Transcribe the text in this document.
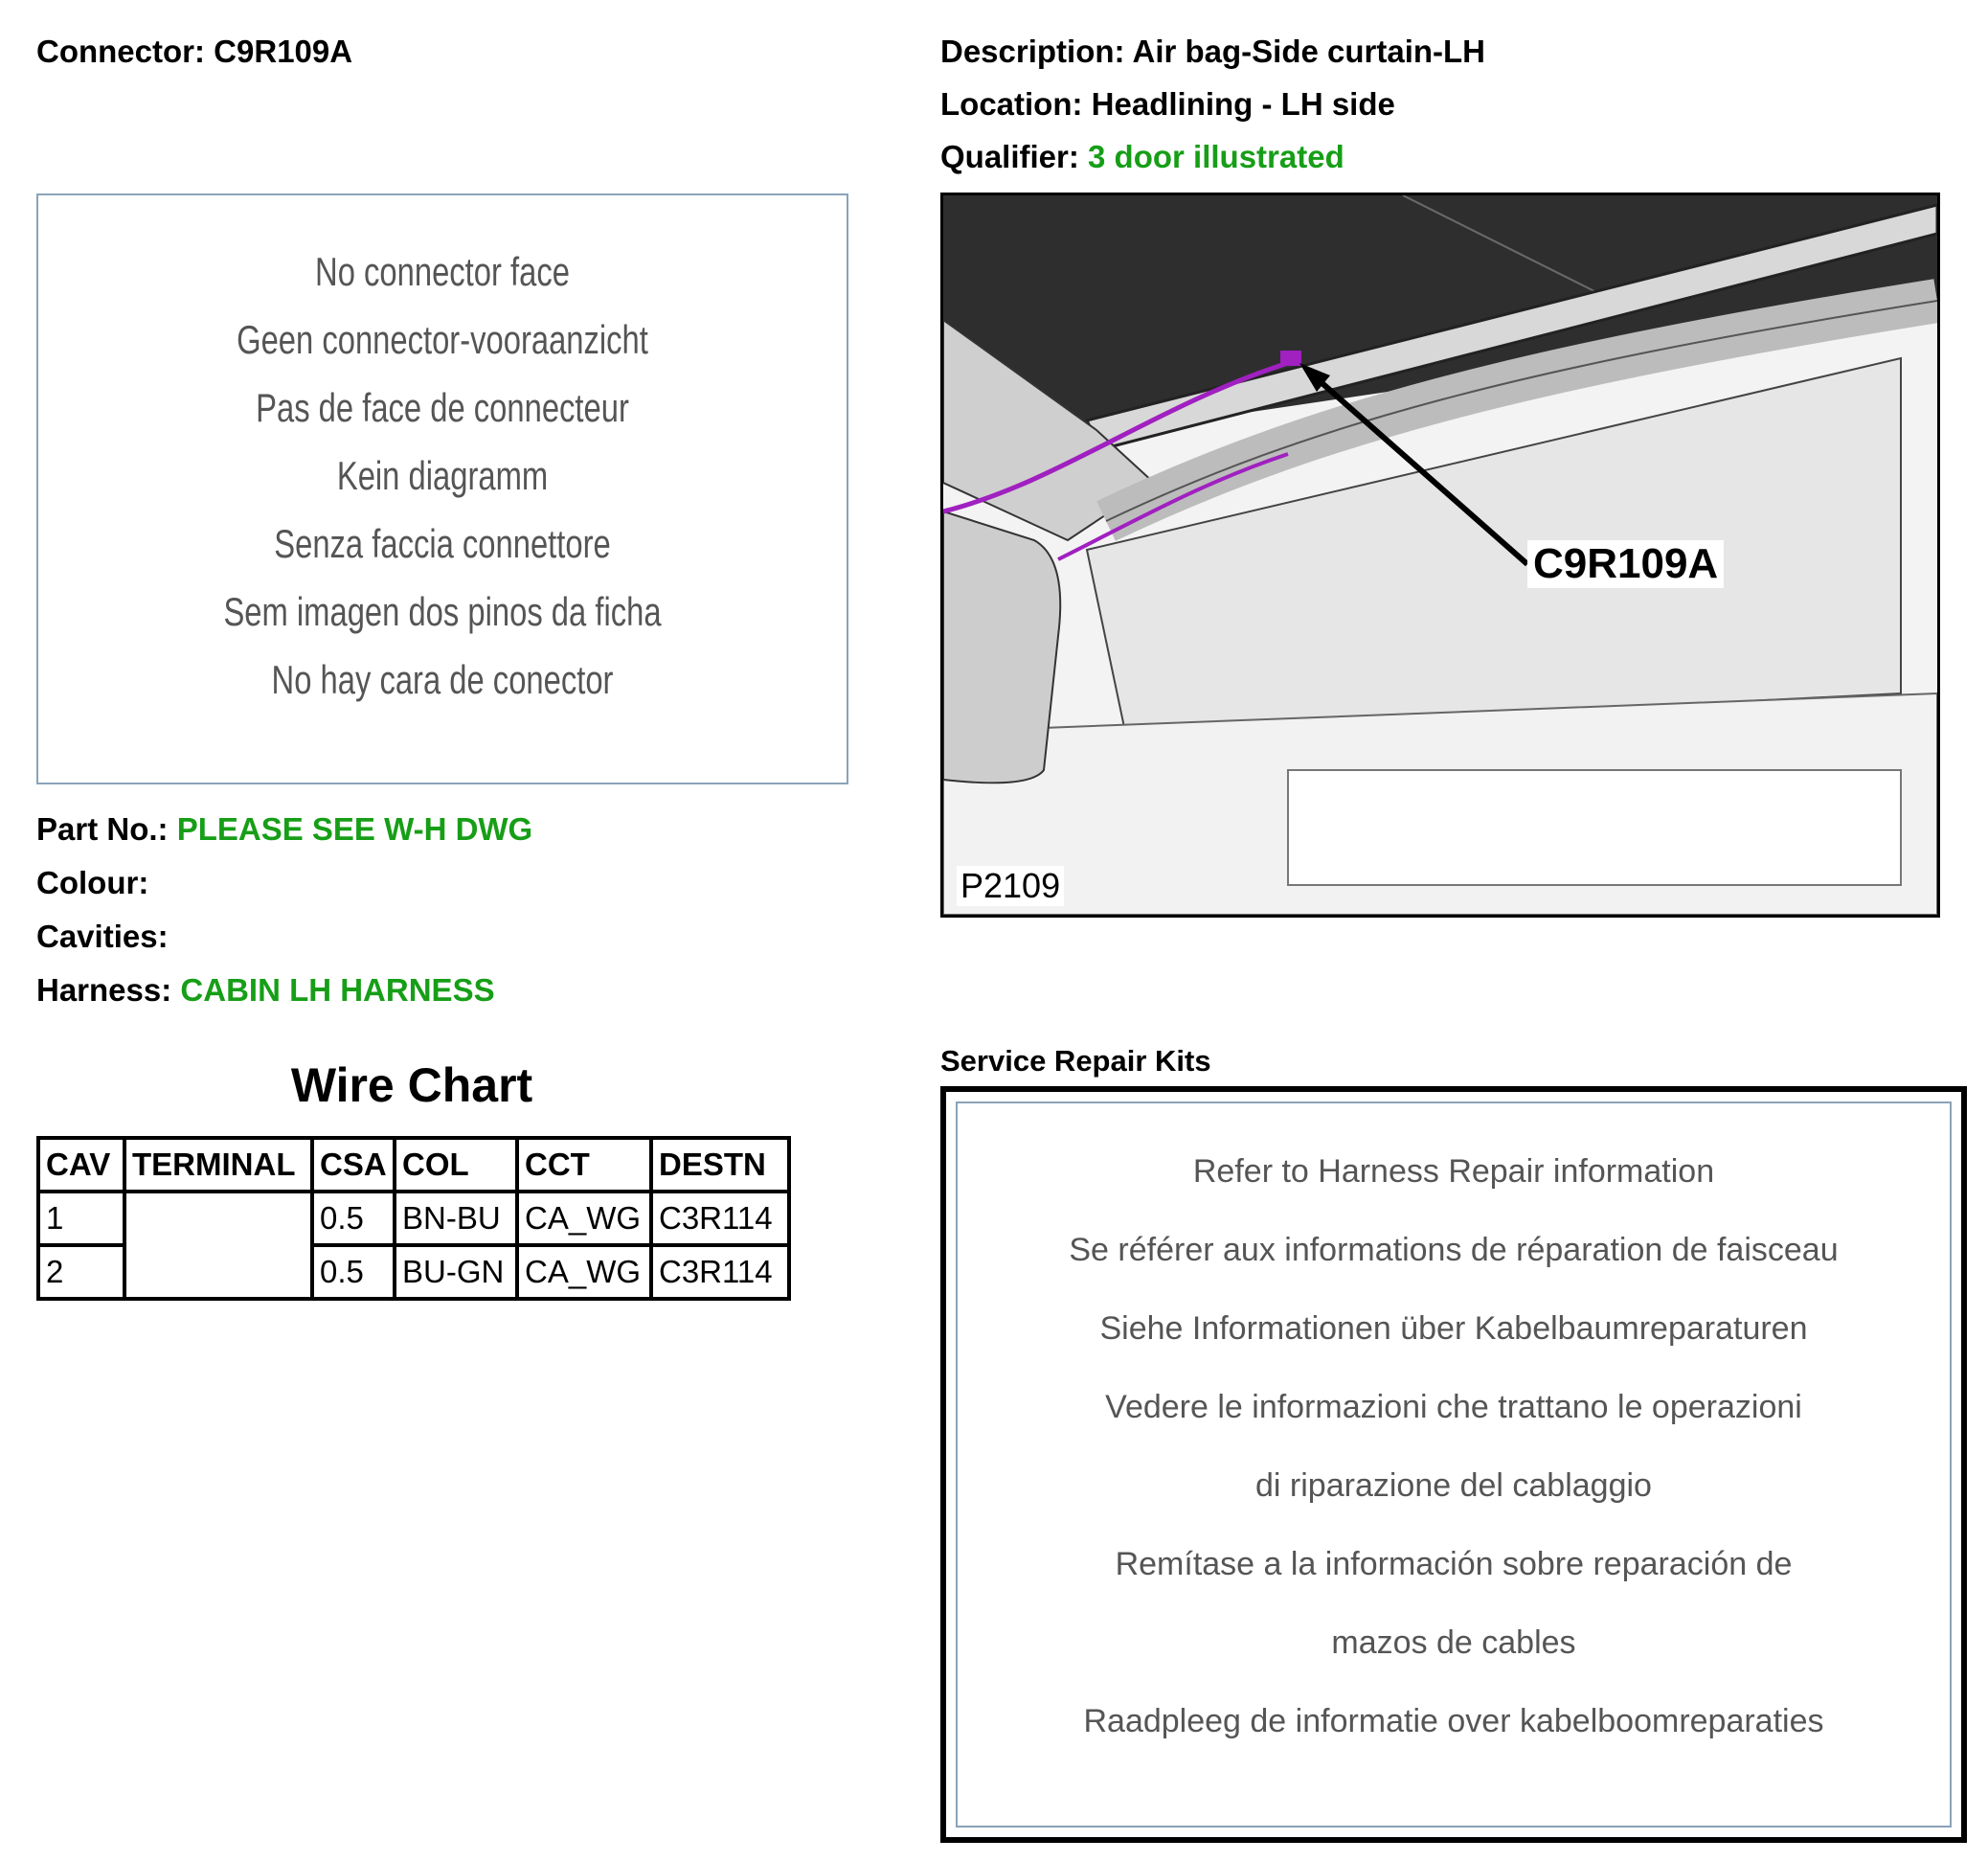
Connector: C9R109A	Description: Air bag-Side curtain-LH
Location: Headlining - LH side
Qualifier: 3 door illustrated
No connector face
Geen connector-vooraanzicht
Pas de face de connecteur
Kein diagramm
Senza faccia connettore
Sem imagen dos pinos da ficha
No hay cara de conector
Part No.: PLEASE SEE W-H DWG
Colour:
Cavities:
Harness: CABIN LH HARNESS
Wire Chart
CAV	TERMINAL	CSA	COL	CCT	DESTN
1		0.5	BN-BU	CA_WG	C3R114
2		0.5	BU-GN	CA_WG	C3R114
C9R109A
P2109
Service Repair Kits
Refer to Harness Repair information
Se référer aux informations de réparation de faisceau
Siehe Informationen über Kabelbaumreparaturen
Vedere le informazioni che trattano le operazioni
di riparazione del cablaggio
Remítase a la información sobre reparación de
mazos de cables
Raadpleeg de informatie over kabelboomreparaties
